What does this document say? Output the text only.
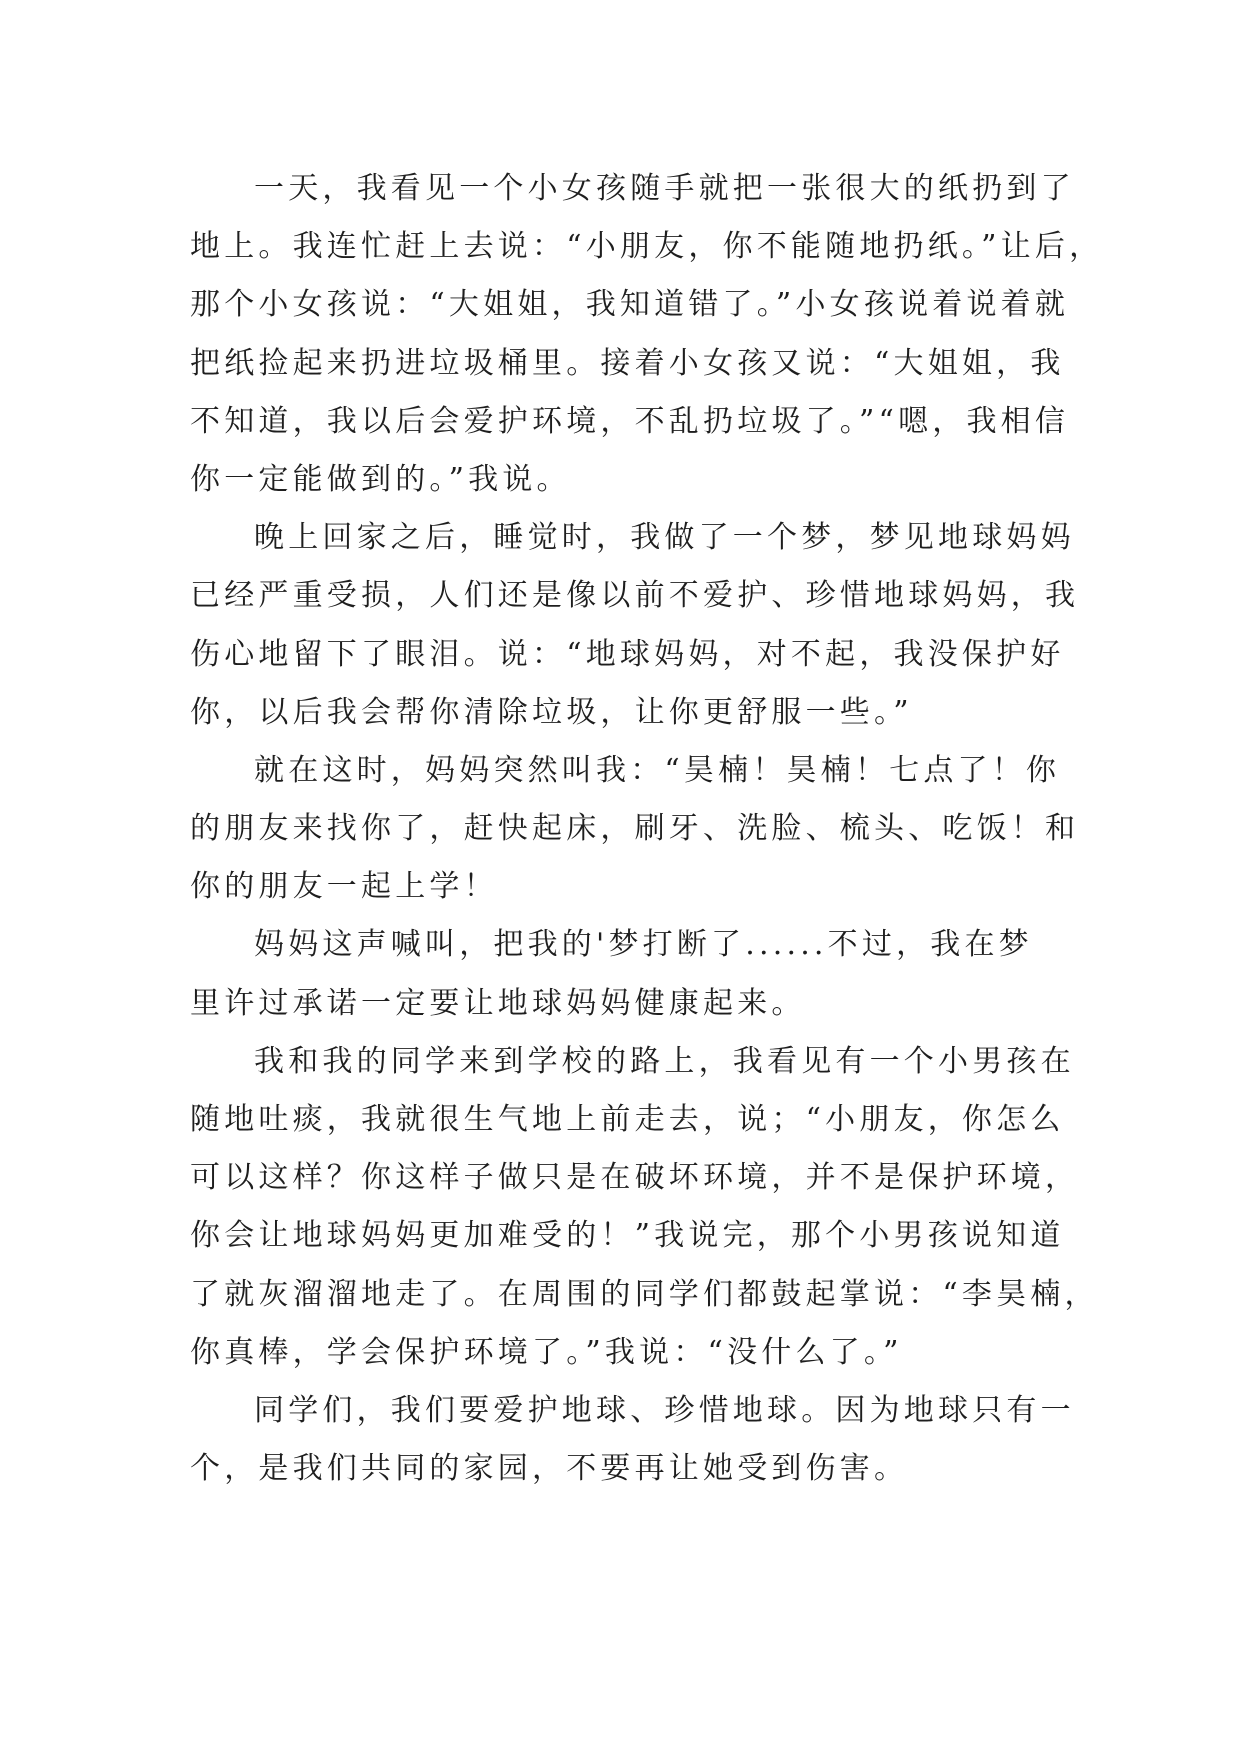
一天，我看见一个小女孩随手就把一张很大的纸扔到了
地上。我连忙赶上去说：“小朋友，你不能随地扔纸。”让后，
那个小女孩说：“大姐姐，我知道错了。”小女孩说着说着就
把纸捡起来扔进垃圾桶里。接着小女孩又说：“大姐姐，我
不知道，我以后会爱护环境，不乱扔垃圾了。”“嗯，我相信
你一定能做到的。”我说。
晚上回家之后，睡觉时，我做了一个梦，梦见地球妈妈
已经严重受损，人们还是像以前不爱护、珍惜地球妈妈，我
伤心地留下了眼泪。说：“地球妈妈，对不起，我没保护好
你，以后我会帮你清除垃圾，让你更舒服一些。”
就在这时，妈妈突然叫我：“昊楠！昊楠！七点了！你
的朋友来找你了，赶快起床，刷牙、洗脸、梳头、吃饭！和
你的朋友一起上学！
妈妈这声喊叫，把我的'梦打断了......不过，我在梦
里许过承诺一定要让地球妈妈健康起来。
我和我的同学来到学校的路上，我看见有一个小男孩在
随地吐痰，我就很生气地上前走去，说；“小朋友，你怎么
可以这样？你这样子做只是在破坏环境，并不是保护环境，
你会让地球妈妈更加难受的！”我说完，那个小男孩说知道
了就灰溜溜地走了。在周围的同学们都鼓起掌说：“李昊楠，
你真棒，学会保护环境了。”我说：“没什么了。”
同学们，我们要爱护地球、珍惜地球。因为地球只有一
个，是我们共同的家园，不要再让她受到伤害。
